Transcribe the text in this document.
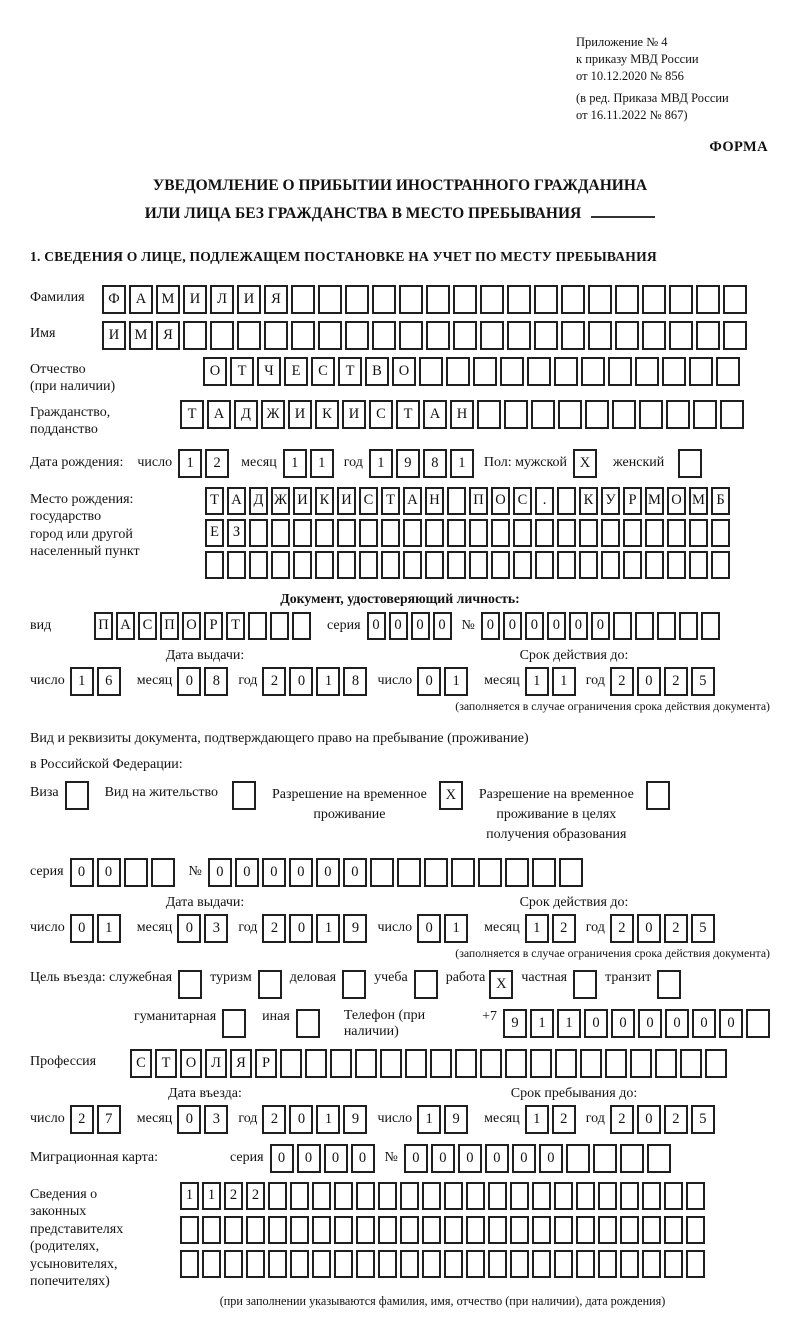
Приложение № 4
к приказу МВД России
от 10.12.2020 № 856
(в ред. Приказа МВД России
от 16.11.2022 № 867)
ФОРМА
УВЕДОМЛЕНИЕ О ПРИБЫТИИ ИНОСТРАННОГО ГРАЖДАНИНА
ИЛИ ЛИЦА БЕЗ ГРАЖДАНСТВА В МЕСТО ПРЕБЫВАНИЯ
1. СВЕДЕНИЯ О ЛИЦЕ, ПОДЛЕЖАЩЕМ ПОСТАНОВКЕ НА УЧЕТ ПО МЕСТУ ПРЕБЫВАНИЯ
Фамилия	Ф	А	М	И	Л	И	Я
Имя	И	М	Я
Отчество
(при наличии)
О	Т	Ч	Е	С	Т	В	О
Гражданство,
подданство
Т	А	Д	Ж	И	К	И	С	Т	А	Н
Дата рождения: число 1	2	месяц 1	1	год 1	9	8	1	Пол: мужской X	женский
Место рождения:
государство
город или другой
населенный пункт
Т А Д Ж И К И С Т А Н П О С	.	К У Р М О М Б
Е З
Документ, удостоверяющий личность:
вид	П А С П О Р Т	серия 0	0	0	0	№ 0	0	0	0	0	0
Дата выдачи:	Срок действия до:
число 1	6	месяц 0	8	год 2	0	1	8	число 0	1	месяц 1	1	год 2	0	2	5
(заполняется в случае ограничения срока действия документа)
Вид и реквизиты документа, подтверждающего право на пребывание (проживание)
в Российской Федерации:
Виза	Вид на жительство	Разрешение на временное
проживание
X	Разрешение на временное
проживание в целях
получения образования
серия 0	0	№ 0	0	0	0	0	0
Дата выдачи:	Срок действия до:
число 0	1	месяц 0	3	год 2	0	1	9	число 0	1	месяц 1	2	год 2	0	2	5
(заполняется в случае ограничения срока действия документа)
Цель въезда: служебная	туризм	деловая	учеба	работа X	частная	транзит
гуманитарная	иная	Телефон (при наличии)
+7 9	1	1	0	0	0	0	0	0
Профессия	С	Т	О	Л	Я	Р
Дата въезда:	Срок пребывания до:
число 2	7	месяц 0	3	год 2	0	1	9	число 1	9	месяц 1	2	год 2	0	2	5
Миграционная карта:	серия 0	0	0	0	№ 0	0	0	0	0	0
Сведения о
законных
представителях
(родителях,
усыновителях,
попечителях)
1	1	2	2
(при заполнении указываются фамилия, имя, отчество (при наличии), дата рождения)
